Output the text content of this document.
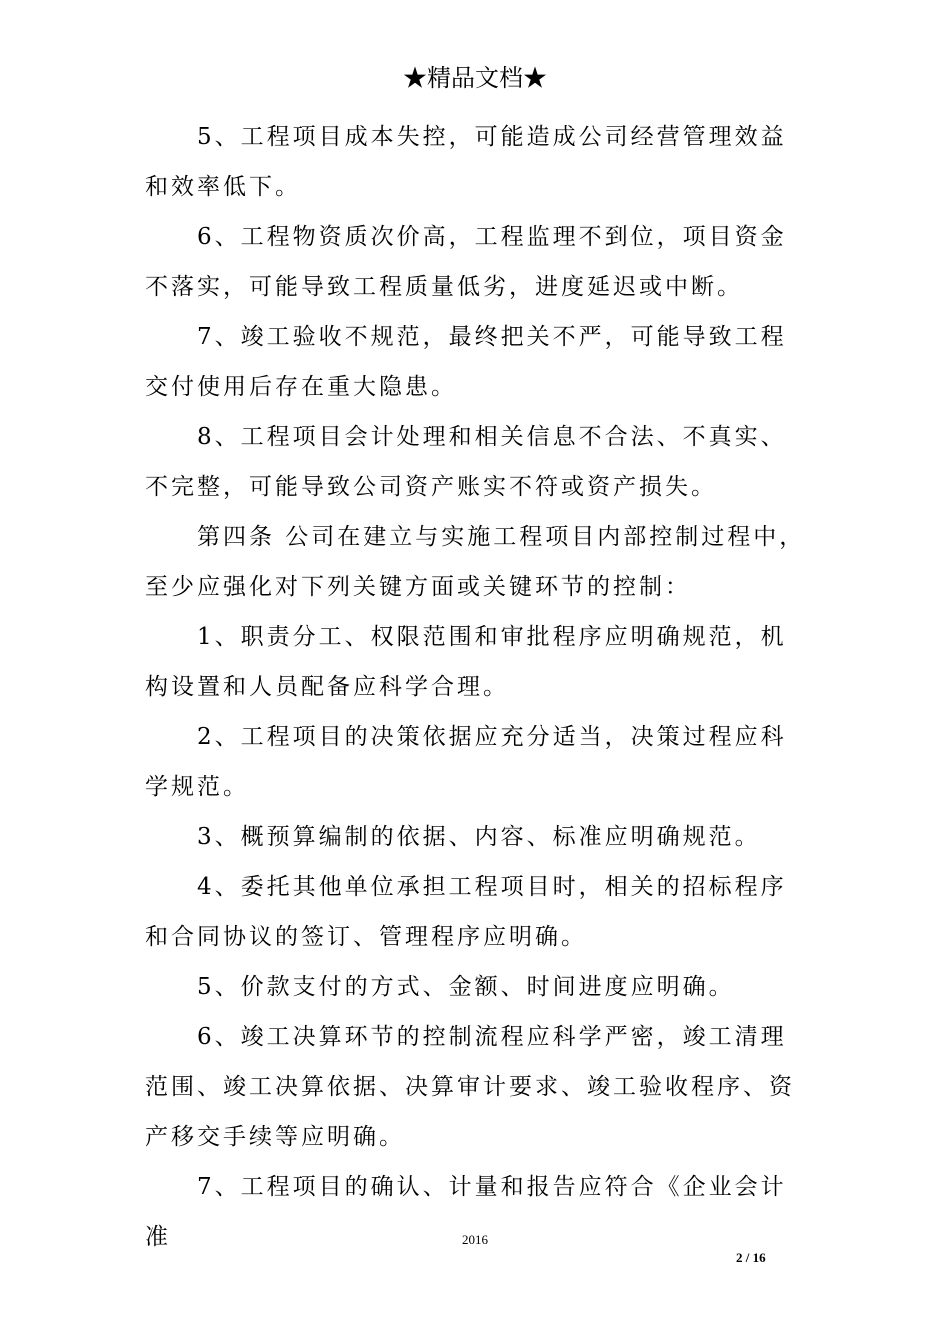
★精品文档★

5、工程项目成本失控，可能造成公司经营管理效益和效率低下。

6、工程物资质次价高，工程监理不到位，项目资金不落实，可能导致工程质量低劣，进度延迟或中断。

7、竣工验收不规范，最终把关不严，可能导致工程交付使用后存在重大隐患。

8、工程项目会计处理和相关信息不合法、不真实、不完整，可能导致公司资产账实不符或资产损失。

第四条 公司在建立与实施工程项目内部控制过程中，至少应强化对下列关键方面或关键环节的控制：

1、职责分工、权限范围和审批程序应明确规范，机构设置和人员配备应科学合理。

2、工程项目的决策依据应充分适当，决策过程应科学规范。

3、概预算编制的依据、内容、标准应明确规范。

4、委托其他单位承担工程项目时，相关的招标程序和合同协议的签订、管理程序应明确。

5、价款支付的方式、金额、时间进度应明确。

6、竣工决算环节的控制流程应科学严密，竣工清理范围、竣工决算依据、决算审计要求、竣工验收程序、资产移交手续等应明确。

7、工程项目的确认、计量和报告应符合《企业会计准	2016
2 / 16
